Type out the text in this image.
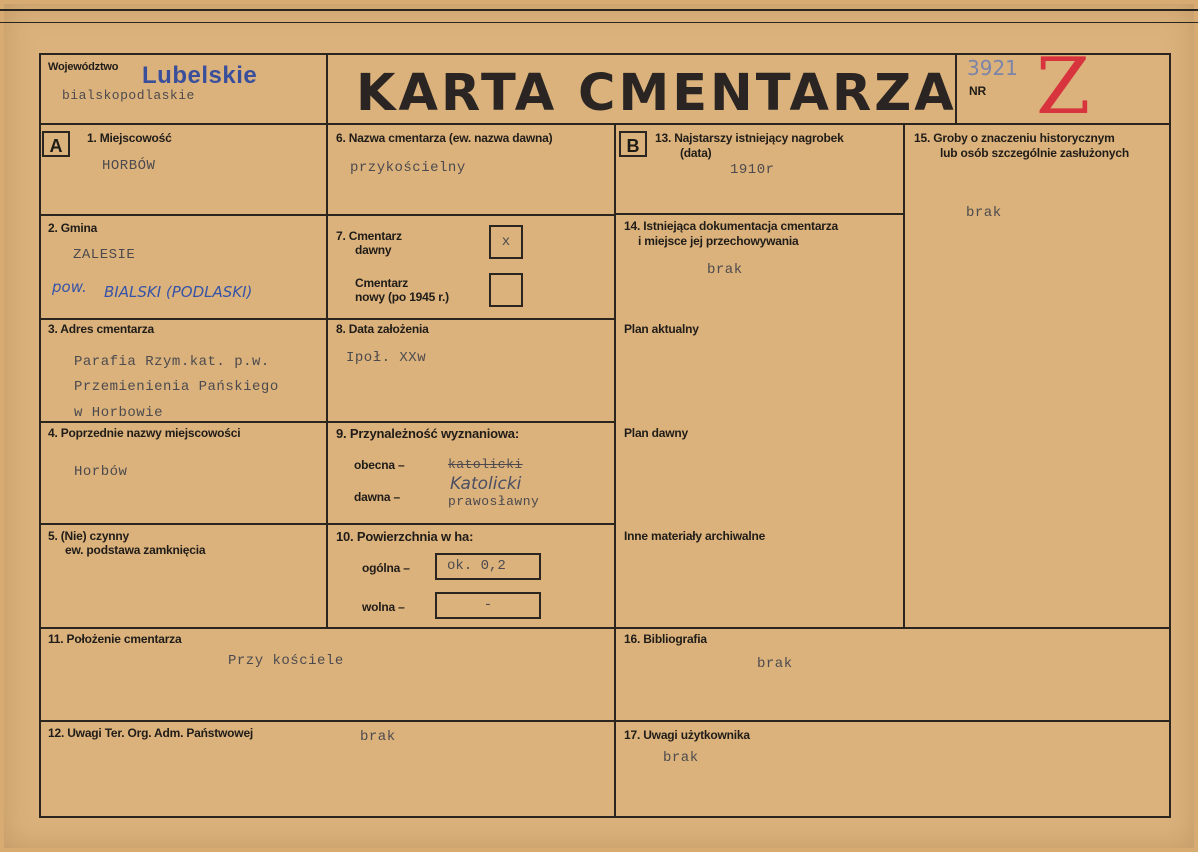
Województwo Lubelskie
bialskopodlaskie	KARTA CMENTARZA 3921
NR Z
A	B
1. Miejscowość
HORBÓW
6. Nazwa cmentarza (ew. nazwa dawna)
przykościelny
13. Najstarszy istniejący nagrobek
(data)
1910r
15. Groby o znaczeniu historycznym
lub osób szczególnie zasłużonych
brak
2. Gmina
ZALESIE
pow. BIALSKI (PODLASKI)
7. Cmentarz
dawny	x
Cmentarz
nowy (po 1945 r.)
14. Istniejąca dokumentacja cmentarza
i miejsce jej przechowywania
brak
3. Adres cmentarza
Parafia Rzym.kat. p.w.
Przemienienia Pańskiego
w Horbowie
8. Data założenia
Ipoł. XXw
Plan aktualny
4. Poprzednie nazwy miejscowości
Horbów
9. Przynależność wyznaniowa:
obecna –	katolicki
dawna –
Katolicki
prawosławny
Plan dawny
5. (Nie) czynny
ew. podstawa zamknięcia
10. Powierzchnia w ha:
ogólna –	ok. 0,2
wolna –	-
Inne materiały archiwalne
11. Położenie cmentarza
Przy kościele
16. Bibliografia
brak
12. Uwagi Ter. Org. Adm. Państwowej	brak	17. Uwagi użytkownika
brak
